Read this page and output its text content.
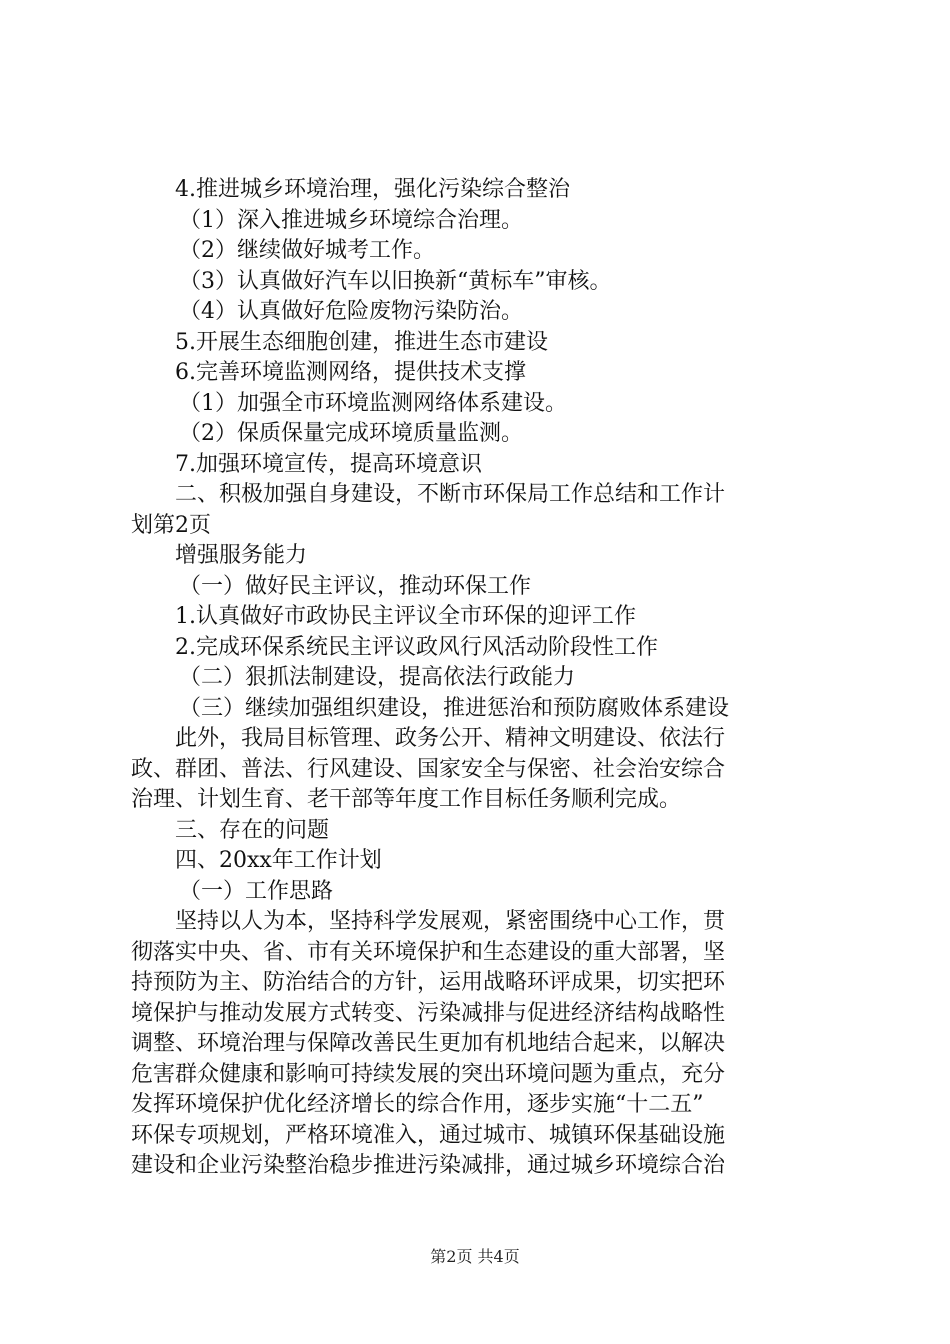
4.推进城乡环境治理，强化污染综合整治
（1）深入推进城乡环境综合治理。
（2）继续做好城考工作。
（3）认真做好汽车以旧换新“黄标车”审核。
（4）认真做好危险废物污染防治。
5.开展生态细胞创建，推进生态市建设
6.完善环境监测网络，提供技术支撑
（1）加强全市环境监测网络体系建设。
（2）保质保量完成环境质量监测。
7.加强环境宣传，提高环境意识
二、积极加强自身建设，不断市环保局工作总结和工作计
划第2页
增强服务能力
（一）做好民主评议，推动环保工作
1.认真做好市政协民主评议全市环保的迎评工作
2.完成环保系统民主评议政风行风活动阶段性工作
（二）狠抓法制建设，提高依法行政能力
（三）继续加强组织建设，推进惩治和预防腐败体系建设
此外，我局目标管理、政务公开、精神文明建设、依法行
政、群团、普法、行风建设、国家安全与保密、社会治安综合
治理、计划生育、老干部等年度工作目标任务顺利完成。
三、存在的问题
四、20xx年工作计划
（一）工作思路
坚持以人为本，坚持科学发展观，紧密围绕中心工作，贯
彻落实中央、省、市有关环境保护和生态建设的重大部署，坚
持预防为主、防治结合的方针，运用战略环评成果，切实把环
境保护与推动发展方式转变、污染减排与促进经济结构战略性
调整、环境治理与保障改善民生更加有机地结合起来，以解决
危害群众健康和影响可持续发展的突出环境问题为重点，充分
发挥环境保护优化经济增长的综合作用，逐步实施“十二五”
环保专项规划，严格环境准入，通过城市、城镇环保基础设施
建设和企业污染整治稳步推进污染减排，通过城乡环境综合治
第2页 共4页
